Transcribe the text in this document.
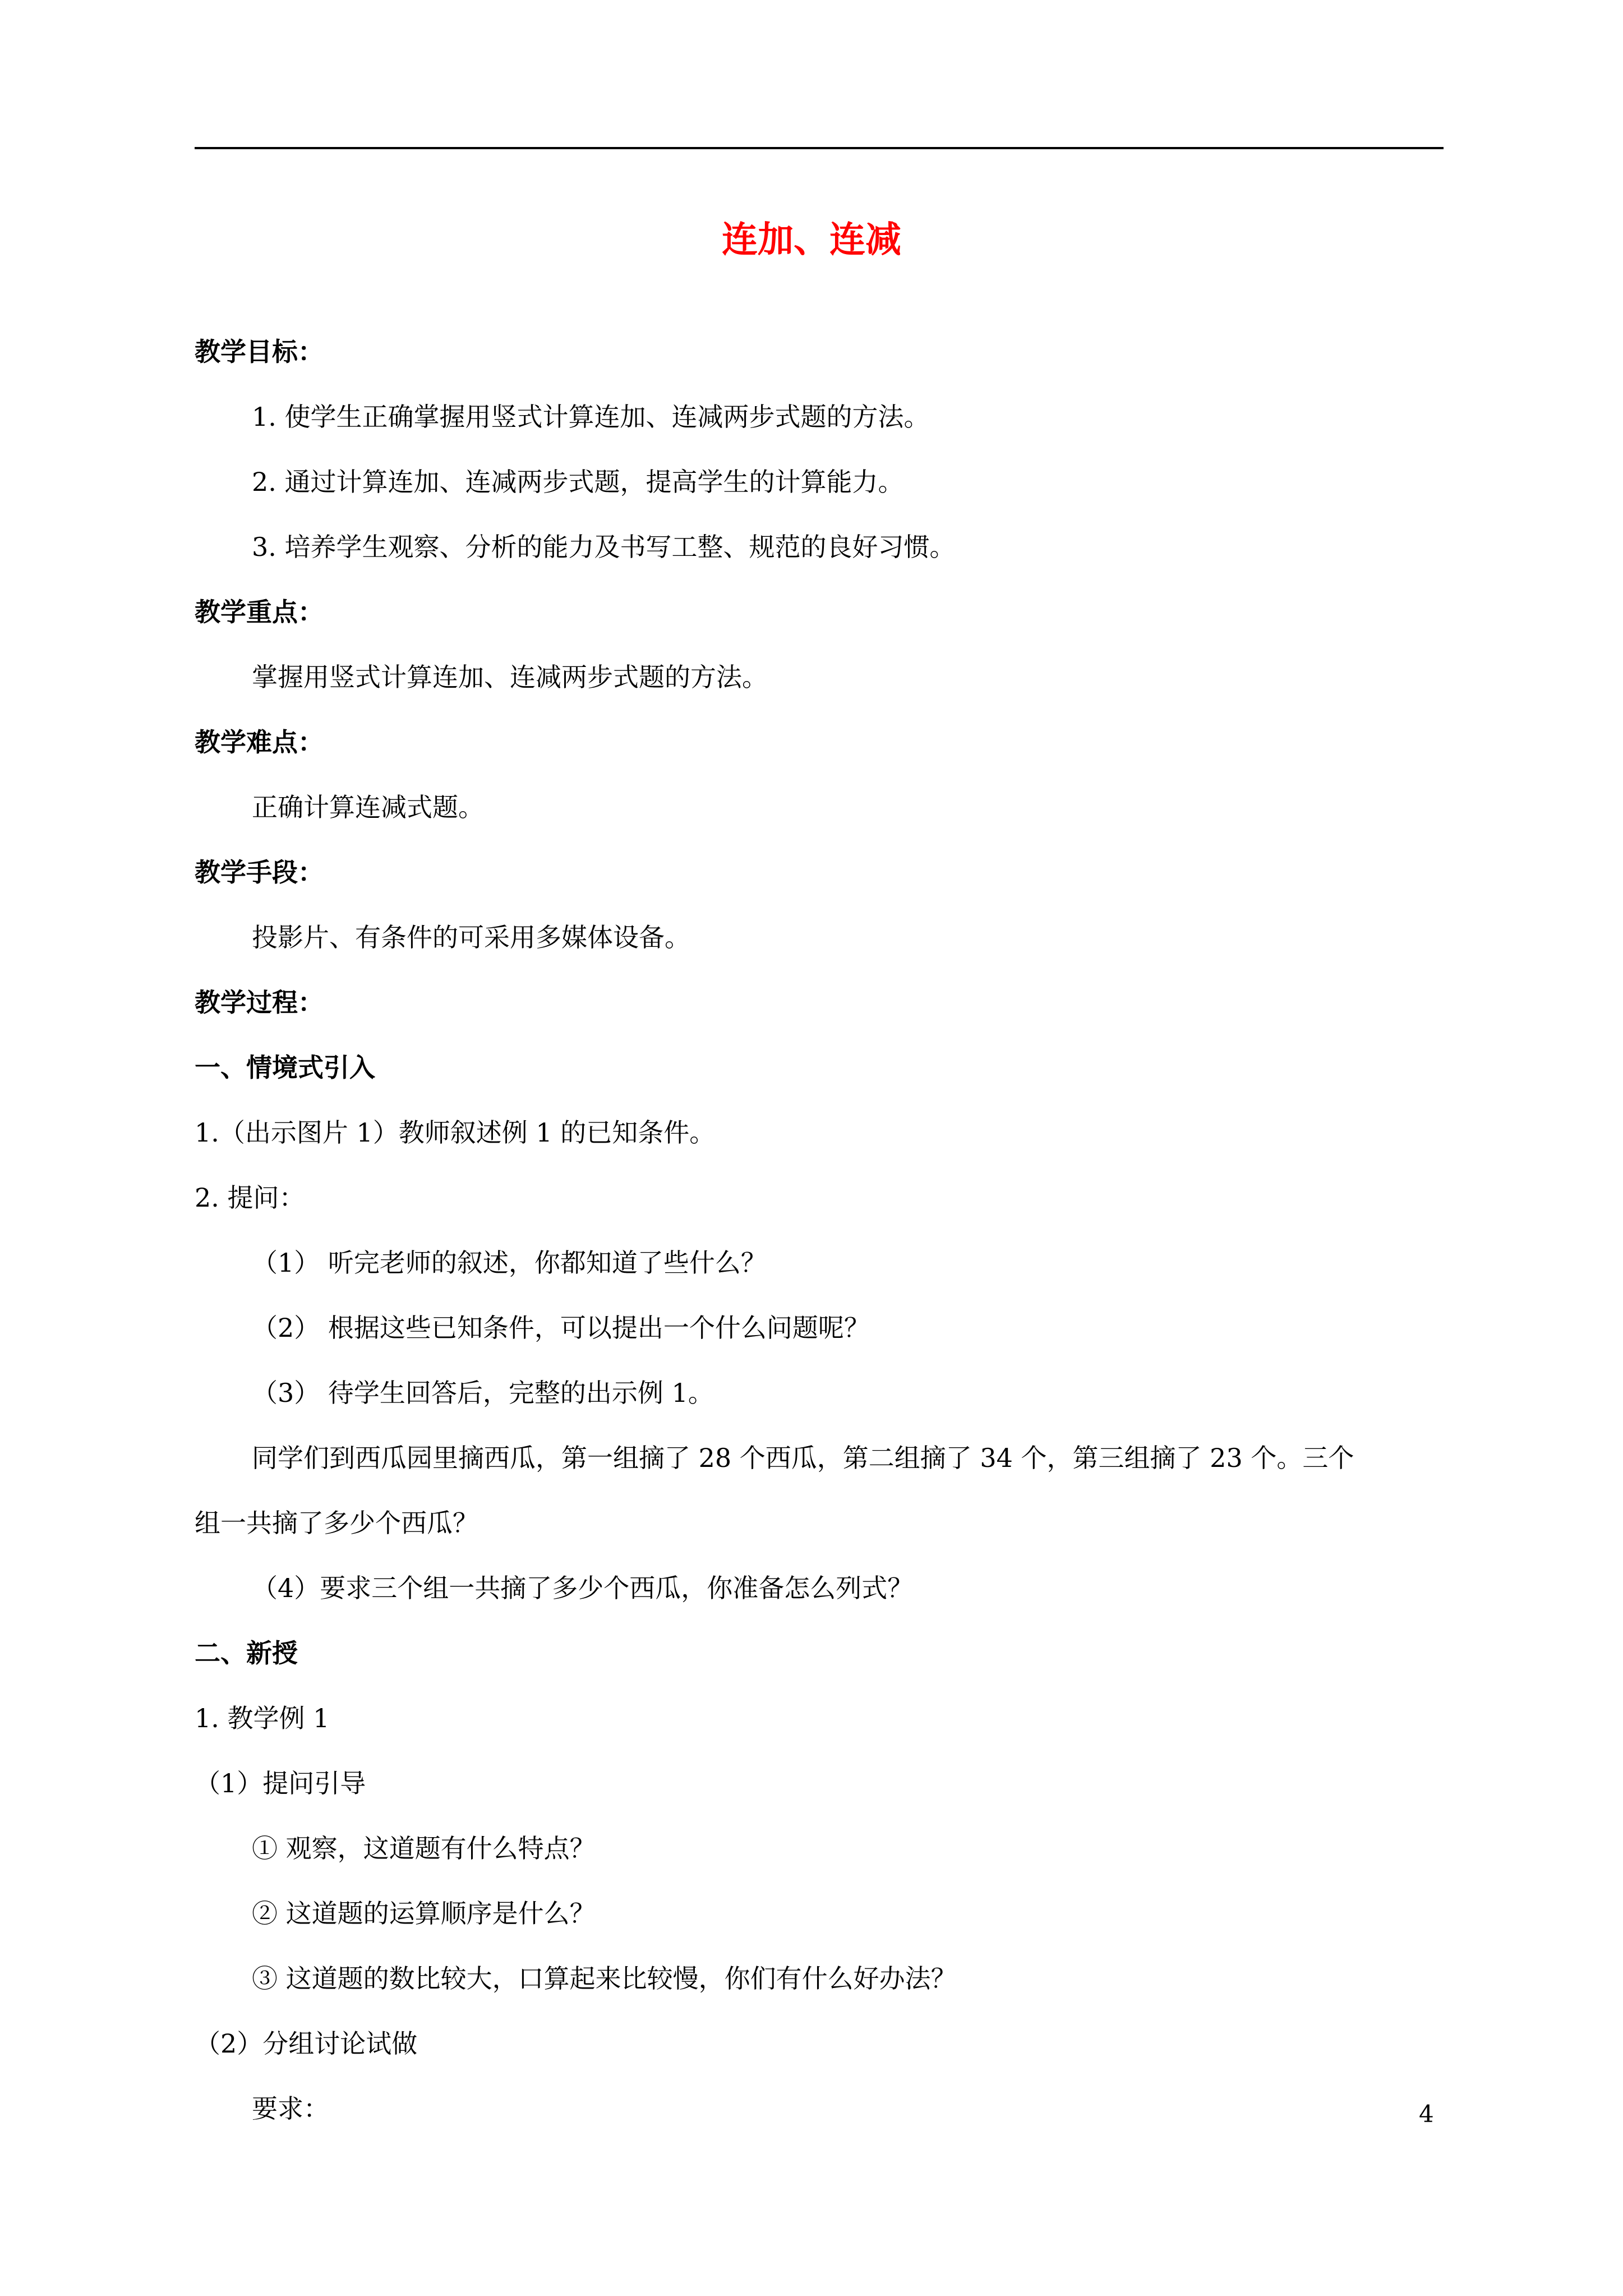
连加、连减
教学目标：
1. 使学生正确掌握用竖式计算连加、连减两步式题的方法。
2. 通过计算连加、连减两步式题，提高学生的计算能力。
3. 培养学生观察、分析的能力及书写工整、规范的良好习惯。
教学重点：
掌握用竖式计算连加、连减两步式题的方法。
教学难点：
正确计算连减式题。
教学手段：
投影片、有条件的可采用多媒体设备。
教学过程：
一、情境式引入
1.（出示图片 1）教师叙述例 1 的已知条件。
2. 提问：
（1） 听完老师的叙述，你都知道了些什么？
（2） 根据这些已知条件，可以提出一个什么问题呢？
（3） 待学生回答后，完整的出示例 1。
同学们到西瓜园里摘西瓜，第一组摘了 28 个西瓜，第二组摘了 34 个，第三组摘了 23 个。三个
组一共摘了多少个西瓜？
（4）要求三个组一共摘了多少个西瓜，你准备怎么列式？
二、新授
1. 教学例 1
（1）提问引导
① 观察，这道题有什么特点？
② 这道题的运算顺序是什么？
③ 这道题的数比较大，口算起来比较慢，你们有什么好办法？
（2）分组讨论试做
要求：	4
